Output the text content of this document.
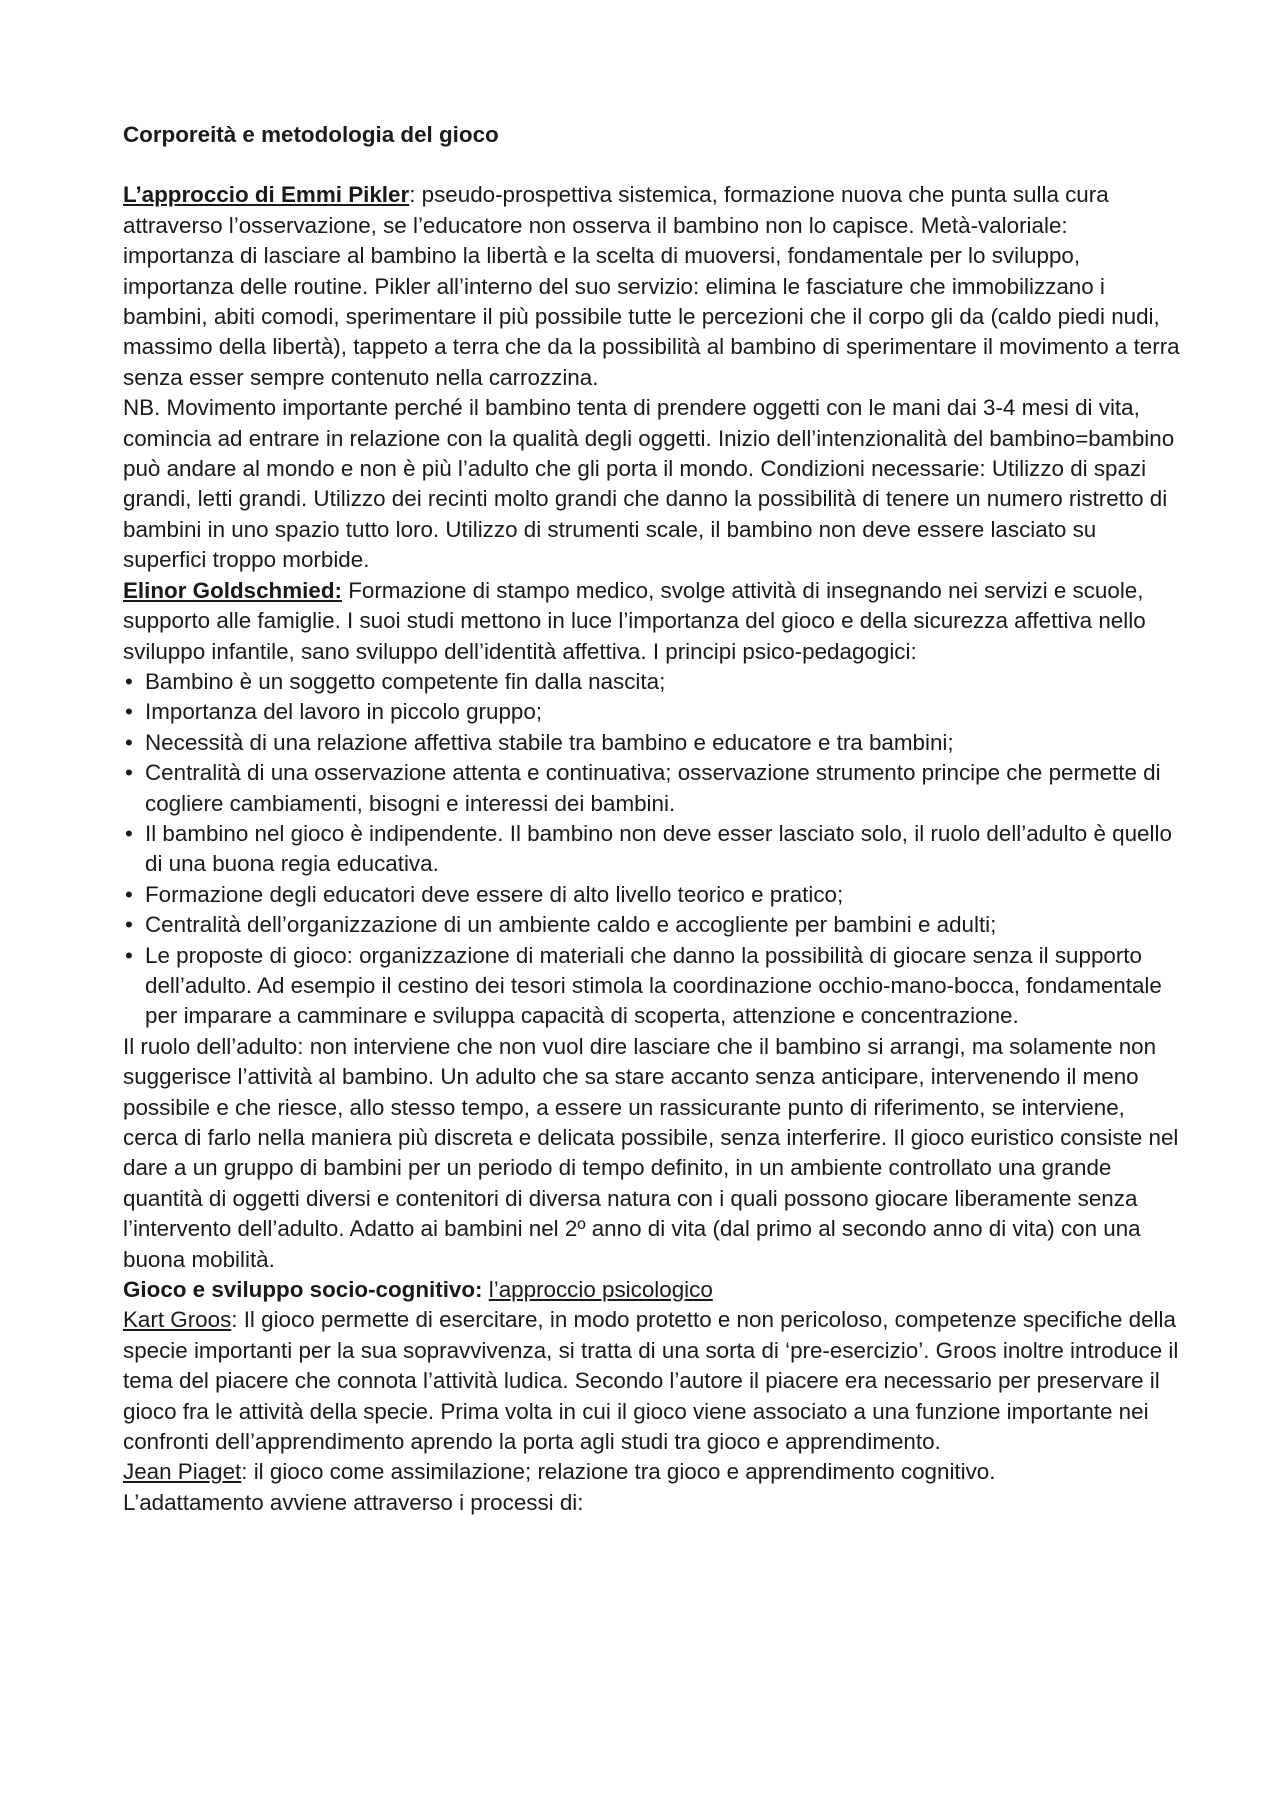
Corporeità e metodologia del gioco

L’approccio di Emmi Pikler: pseudo-prospettiva sistemica, formazione nuova che punta sulla cura attraverso l’osservazione, se l’educatore non osserva il bambino non lo capisce. Metà-valoriale: importanza di lasciare al bambino la libertà e la scelta di muoversi, fondamentale per lo sviluppo, importanza delle routine. Pikler all’interno del suo servizio: elimina le fasciature che immobilizzano i bambini, abiti comodi, sperimentare il più possibile tutte le percezioni che il corpo gli da (caldo piedi nudi, massimo della libertà), tappeto a terra che da la possibilità al bambino di sperimentare il movimento a terra senza esser sempre contenuto nella carrozzina.

NB. Movimento importante perché il bambino tenta di prendere oggetti con le mani dai 3-4 mesi di vita, comincia ad entrare in relazione con la qualità degli oggetti. Inizio dell’intenzionalità del bambino=bambino può andare al mondo e non è più l’adulto che gli porta il mondo. Condizioni necessarie: Utilizzo di spazi grandi, letti grandi. Utilizzo dei recinti molto grandi che danno la possibilità di tenere un numero ristretto di bambini in uno spazio tutto loro. Utilizzo di strumenti scale, il bambino non deve essere lasciato su superfici troppo morbide.

Elinor Goldschmied: Formazione di stampo medico, svolge attività di insegnando nei servizi e scuole, supporto alle famiglie. I suoi studi mettono in luce l’importanza del gioco e della sicurezza affettiva nello sviluppo infantile, sano sviluppo dell’identità affettiva. I principi psico-pedagogici:

• Bambino è un soggetto competente fin dalla nascita;
• Importanza del lavoro in piccolo gruppo;
• Necessità di una relazione affettiva stabile tra bambino e educatore e tra bambini;
• Centralità di una osservazione attenta e continuativa; osservazione strumento principe che permette di cogliere cambiamenti, bisogni e interessi dei bambini.
• Il bambino nel gioco è indipendente. Il bambino non deve esser lasciato solo, il ruolo dell’adulto è quello di una buona regia educativa.
• Formazione degli educatori deve essere di alto livello teorico e pratico;
• Centralità dell’organizzazione di un ambiente caldo e accogliente per bambini e adulti;
• Le proposte di gioco: organizzazione di materiali che danno la possibilità di giocare senza il supporto dell’adulto. Ad esempio il cestino dei tesori stimola la coordinazione occhio-mano-bocca, fondamentale per imparare a camminare e sviluppa capacità di scoperta, attenzione e concentrazione.

Il ruolo dell’adulto: non interviene che non vuol dire lasciare che il bambino si arrangi, ma solamente non suggerisce l’attività al bambino. Un adulto che sa stare accanto senza anticipare, intervenendo il meno possibile e che riesce, allo stesso tempo, a essere un rassicurante punto di riferimento, se interviene, cerca di farlo nella maniera più discreta e delicata possibile, senza interferire. Il gioco euristico consiste nel dare a un gruppo di bambini per un periodo di tempo definito, in un ambiente controllato una grande quantità di oggetti diversi e contenitori di diversa natura con i quali possono giocare liberamente senza l’intervento dell’adulto. Adatto ai bambini nel 2º anno di vita (dal primo al secondo anno di vita) con una buona mobilità.

Gioco e sviluppo socio-cognitivo: l’approccio psicologico

Kart Groos: Il gioco permette di esercitare, in modo protetto e non pericoloso, competenze specifiche della specie importanti per la sua sopravvivenza, si tratta di una sorta di ‘pre-esercizio’. Groos inoltre introduce il tema del piacere che connota l’attività ludica. Secondo l’autore il piacere era necessario per preservare il gioco fra le attività della specie. Prima volta in cui il gioco viene associato a una funzione importante nei confronti dell’apprendimento aprendo la porta agli studi tra gioco e apprendimento.

Jean Piaget: il gioco come assimilazione; relazione tra gioco e apprendimento cognitivo.

L’adattamento avviene attraverso i processi di:
